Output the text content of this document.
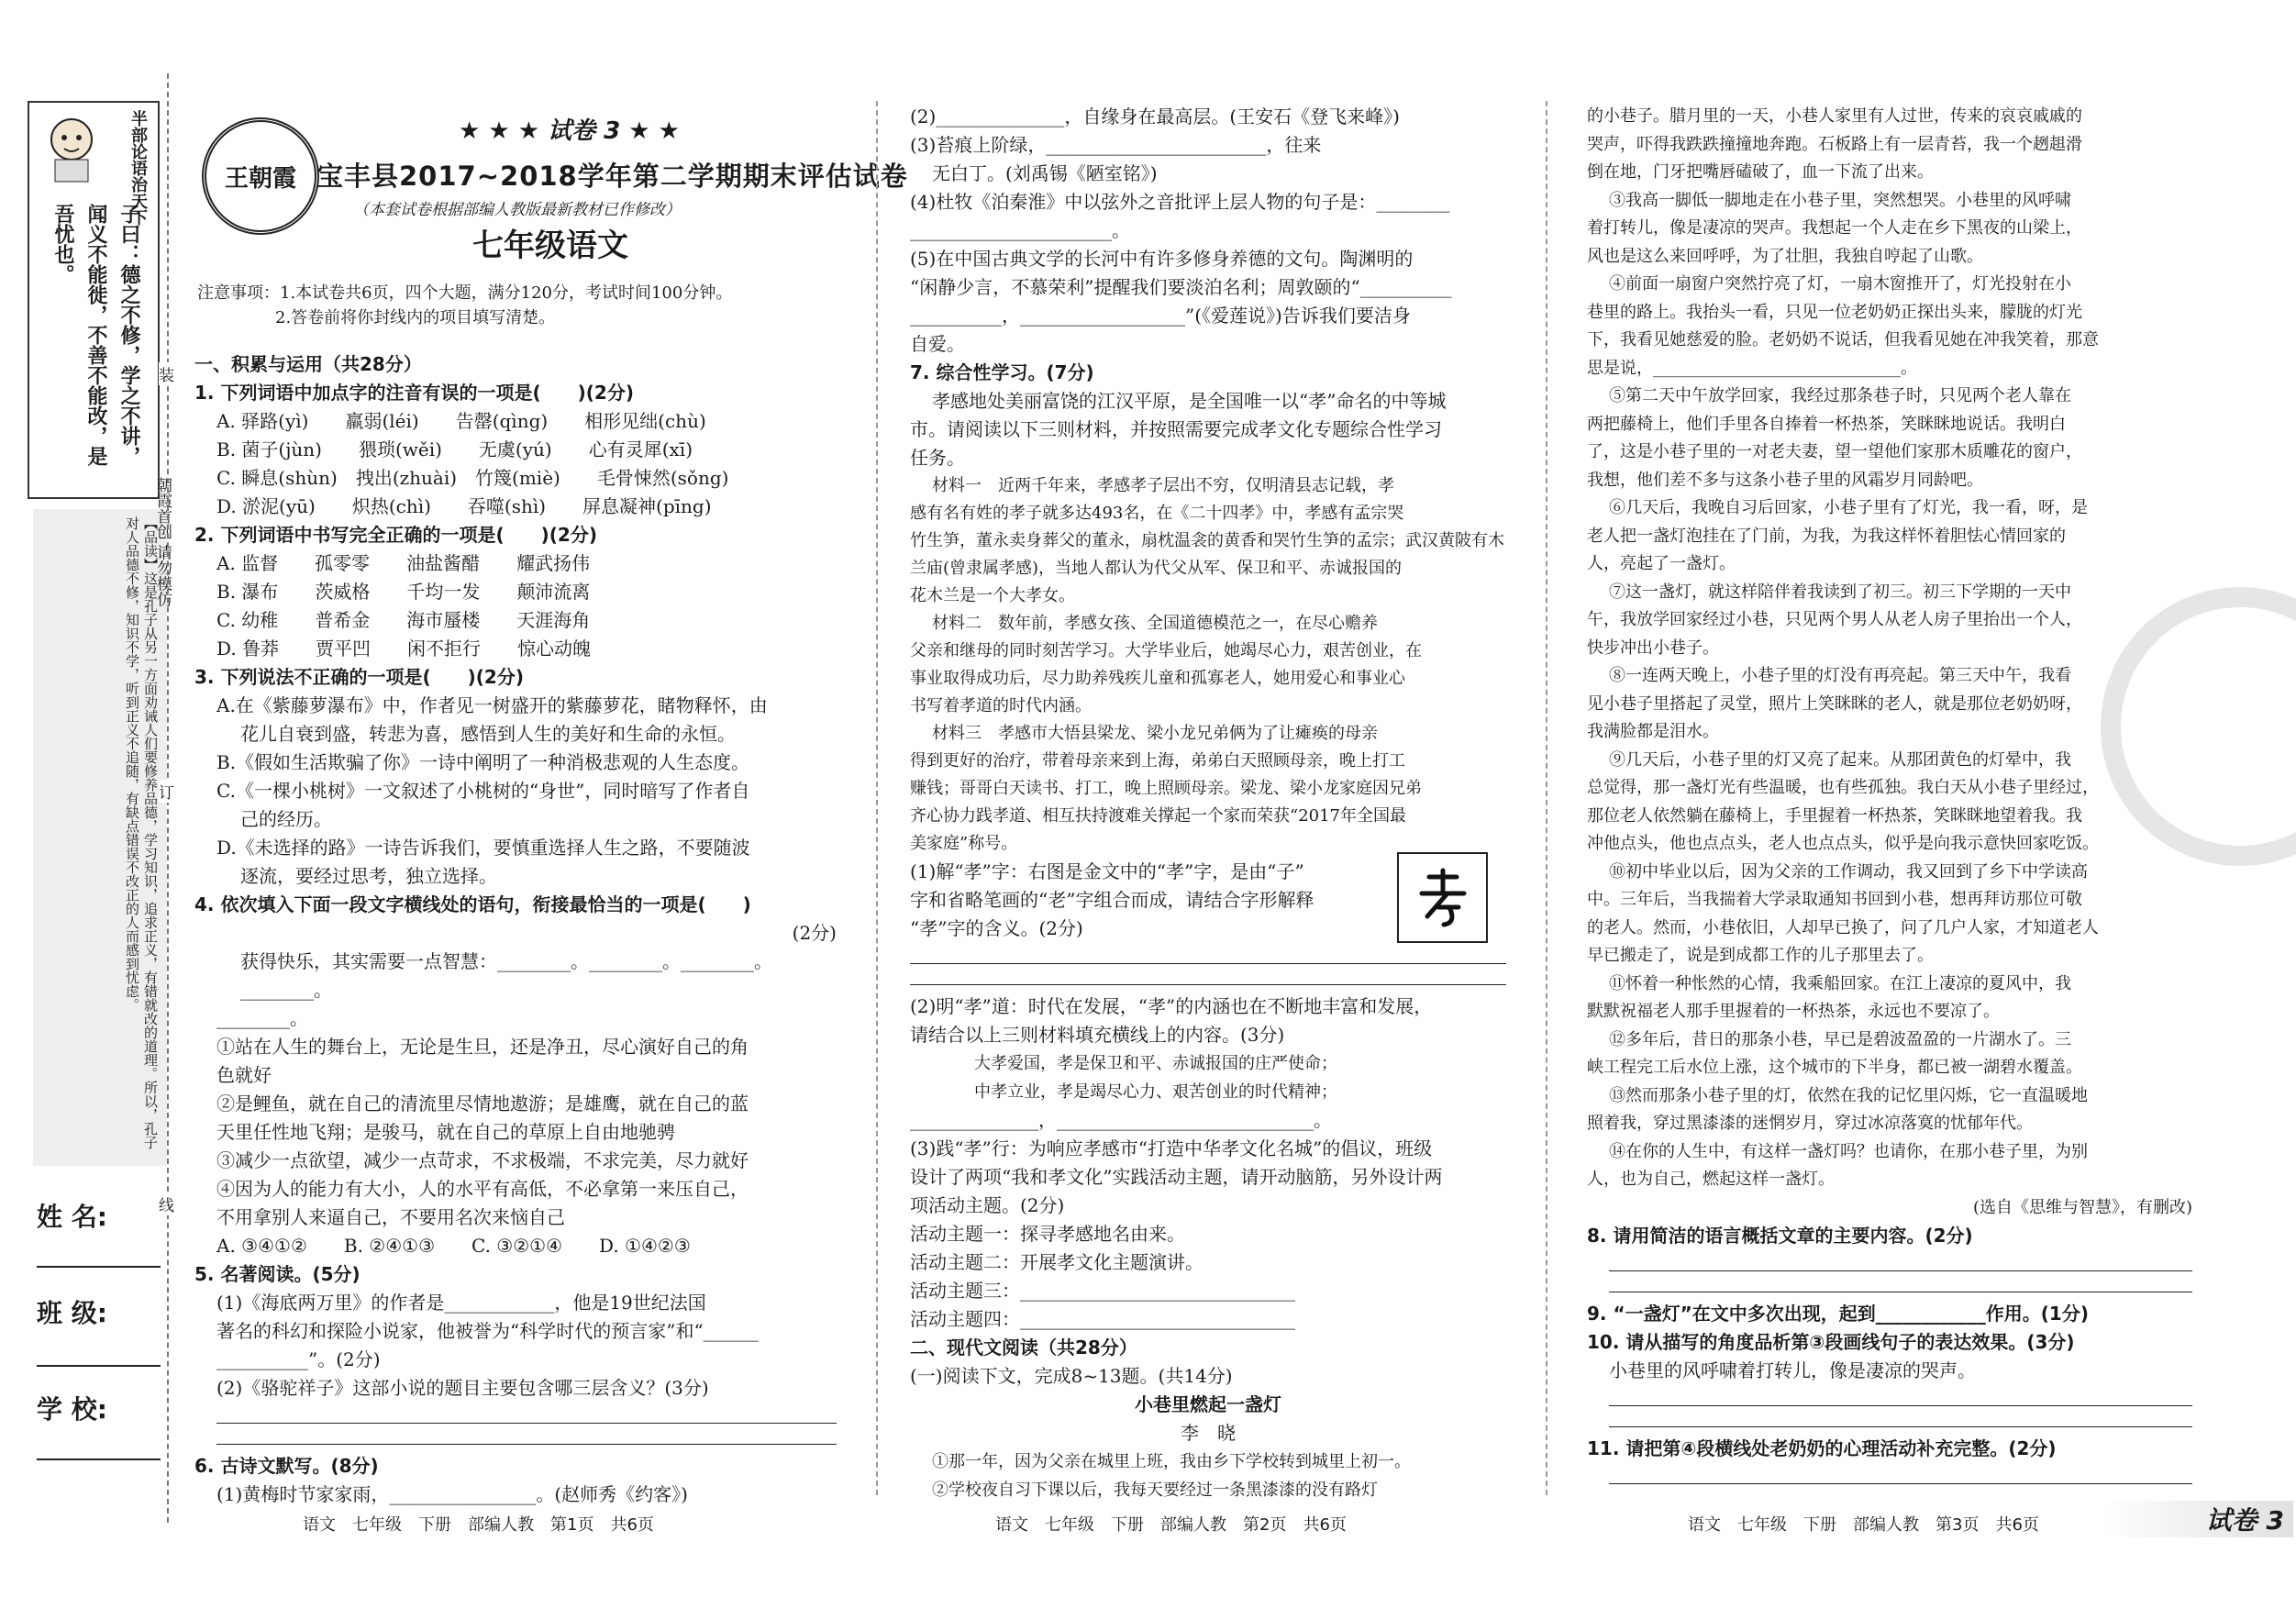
半部论语治天下
子曰：德之不修，学之不讲，闻义不能徙，不善不能改，是吾忧也。
【品读】这是孔子从另一方面劝诫人们要修养品德，学习知识，追求正义，有错就改的道理。所以，孔子对人品德不修，知识不学，听到正义不追随，有缺点错误不改正的人而感到忧虑。 朝霞首创 请勿模仿
装
订
线
姓 名:
班 级:
学 校:
王朝霞
★ ★ ★ 试卷 3 ★ ★
宝丰县2017~2018学年第二学期期末评估试卷
（本套试卷根据部编人教版最新教材已作修改）
七年级语文
注意事项：1.本试卷共6页，四个大题，满分120分，考试时间100分钟。
2.答卷前将你封线内的项目填写清楚。

一、积累与运用（共28分）

1. 下列词语中加点字的注音有误的一项是(　　)(2分)

A. 驿路(yì)　　羸弱(léi)　　告罄(qìng)　　相形见绌(chù)

B. 菌子(jùn)　　猥琐(wěi)　　无虞(yú)　　心有灵犀(xī)

C. 瞬息(shùn)　拽出(zhuài)　竹篾(miè)　　毛骨悚然(sǒng)

D. 淤泥(yū)　　炽热(chì)　　吞噬(shì)　　屏息凝神(pīng)

2. 下列词语中书写完全正确的一项是(　　)(2分)

A. 监督　　孤零零　　油盐酱醋　　耀武扬伟

B. 瀑布　　茨威格　　千均一发　　颠沛流离

C. 幼稚　　普希金　　海市蜃楼　　天涯海角

D. 鲁莽　　贾平凹　　闲不拒行　　惊心动魄

3. 下列说法不正确的一项是(　　)(2分)

A.在《紫藤萝瀑布》中，作者见一树盛开的紫藤萝花，睹物释怀，由

花儿自衰到盛，转悲为喜，感悟到人生的美好和生命的永恒。

B.《假如生活欺骗了你》一诗中阐明了一种消极悲观的人生态度。

C.《一棵小桃树》一文叙述了小桃树的“身世”，同时暗写了作者自

己的经历。

D.《未选择的路》一诗告诉我们，要慎重选择人生之路，不要随波

逐流，要经过思考，独立选择。

4. 依次填入下面一段文字横线处的语句，衔接最恰当的一项是(　　)

(2分)

获得快乐，其实需要一点智慧：________。________。________。________。

________。

①站在人生的舞台上，无论是生旦，还是净丑，尽心演好自己的角

色就好

②是鲤鱼，就在自己的清流里尽情地遨游；是雄鹰，就在自己的蓝

天里任性地飞翔；是骏马，就在自己的草原上自由地驰骋

③减少一点欲望，减少一点苛求，不求极端，不求完美，尽力就好

④因为人的能力有大小，人的水平有高低，不必拿第一来压自己，

不用拿别人来逼自己，不要用名次来恼自己

A. ③④①②　　B. ②④①③　　C. ③②①④　　D. ①④②③

5. 名著阅读。(5分)

(1)《海底两万里》的作者是____________，他是19世纪法国

著名的科幻和探险小说家，他被誉为“科学时代的预言家”和“______

__________”。(2分)

(2)《骆驼祥子》这部小说的题目主要包含哪三层含义？(3分)

6. 古诗文默写。(8分)

(1)黄梅时节家家雨，________________。(赵师秀《约客》)

(2)______________，自缘身在最高层。(王安石《登飞来峰》)

(3)苔痕上阶绿，________________________，往来

无白丁。(刘禹锡《陋室铭》)

(4)杜牧《泊秦淮》中以弦外之音批评上层人物的句子是：________

______________________。

(5)在中国古典文学的长河中有许多修身养德的文句。陶渊明的

“闲静少言，不慕荣利”提醒我们要淡泊名利；周敦颐的“__________

__________，__________________”(《爱莲说》)告诉我们要洁身

自爱。

7. 综合性学习。(7分)

孝感地处美丽富饶的江汉平原，是全国唯一以“孝”命名的中等城

市。请阅读以下三则材料，并按照需要完成孝文化专题综合性学习

任务。

材料一　近两千年来，孝感孝子层出不穷，仅明清县志记载，孝

感有名有姓的孝子就多达493名，在《二十四孝》中，孝感有孟宗哭

竹生笋，董永卖身葬父的董永，扇枕温衾的黄香和哭竹生笋的孟宗；武汉黄陂有木

兰庙(曾隶属孝感)，当地人都认为代父从军、保卫和平、赤诚报国的

花木兰是一个大孝女。

材料二　数年前，孝感女孩、全国道德模范之一，在尽心赡养

父亲和继母的同时刻苦学习。大学毕业后，她竭尽心力，艰苦创业，在

事业取得成功后，尽力助养残疾儿童和孤寡老人，她用爱心和事业心

书写着孝道的时代内涵。

材料三　孝感市大悟县梁龙、梁小龙兄弟俩为了让瘫痪的母亲

得到更好的治疗，带着母亲来到上海，弟弟白天照顾母亲，晚上打工

赚钱；哥哥白天读书、打工，晚上照顾母亲。梁龙、梁小龙家庭因兄弟

齐心协力践孝道、相互扶持渡难关撑起一个家而荣获“2017年全国最

美家庭”称号。

(1)解“孝”字：右图是金文中的“孝”字，是由“子”

字和省略笔画的“老”字组合而成，请结合字形解释

“孝”字的含义。(2分)

(2)明“孝”道：时代在发展，“孝”的内涵也在不断地丰富和发展，

请结合以上三则材料填充横线上的内容。(3分)

大孝爱国，孝是保卫和平、赤诚报国的庄严使命；

中孝立业，孝是竭尽心力、艰苦创业的时代精神；

______________，____________________________。

(3)践“孝”行：为响应孝感市“打造中华孝文化名城”的倡议，班级

设计了两项“我和孝文化”实践活动主题，请开动脑筋，另外设计两

项活动主题。(2分)

活动主题一：探寻孝感地名由来。

活动主题二：开展孝文化主题演讲。

活动主题三：______________________________

活动主题四：______________________________

二、现代文阅读（共28分）

(一)阅读下文，完成8~13题。(共14分)

小巷里燃起一盏灯

李　晓

①那一年，因为父亲在城里上班，我由乡下学校转到城里上初一。

②学校夜自习下课以后，我每天要经过一条黑漆漆的没有路灯

的小巷子。腊月里的一天，小巷人家里有人过世，传来的哀哀戚戚的

哭声，吓得我跌跌撞撞地奔跑。石板路上有一层青苔，我一个趔趄滑

倒在地，门牙把嘴唇磕破了，血一下流了出来。

③我高一脚低一脚地走在小巷子里，突然想哭。小巷里的风呼啸

着打转儿，像是凄凉的哭声。我想起一个人走在乡下黑夜的山梁上，

风也是这么来回呼呼，为了壮胆，我独自哼起了山歌。

④前面一扇窗户突然拧亮了灯，一扇木窗推开了，灯光投射在小

巷里的路上。我抬头一看，只见一位老奶奶正探出头来，朦胧的灯光

下，我看见她慈爱的脸。老奶奶不说话，但我看见她在冲我笑着，那意

思是说，______________________________。

⑤第二天中午放学回家，我经过那条巷子时，只见两个老人靠在

两把藤椅上，他们手里各自捧着一杯热茶，笑眯眯地说话。我明白

了，这是小巷子里的一对老夫妻，望一望他们家那木质雕花的窗户，

我想，他们差不多与这条小巷子里的风霜岁月同龄吧。

⑥几天后，我晚自习后回家，小巷子里有了灯光，我一看，呀，是

老人把一盏灯泡挂在了门前，为我，为我这样怀着胆怯心情回家的

人，亮起了一盏灯。

⑦这一盏灯，就这样陪伴着我读到了初三。初三下学期的一天中

午，我放学回家经过小巷，只见两个男人从老人房子里抬出一个人，

快步冲出小巷子。

⑧一连两天晚上，小巷子里的灯没有再亮起。第三天中午，我看

见小巷子里搭起了灵堂，照片上笑眯眯的老人，就是那位老奶奶呀，

我满脸都是泪水。

⑨几天后，小巷子里的灯又亮了起来。从那团黄色的灯晕中，我

总觉得，那一盏灯光有些温暖，也有些孤独。我白天从小巷子里经过，

那位老人依然躺在藤椅上，手里握着一杯热茶，笑眯眯地望着我。我

冲他点头，他也点点头，老人也点点头，似乎是向我示意快回家吃饭。

⑩初中毕业以后，因为父亲的工作调动，我又回到了乡下中学读高

中。三年后，当我揣着大学录取通知书回到小巷，想再拜访那位可敬

的老人。然而，小巷依旧，人却早已换了，问了几户人家，才知道老人

早已搬走了，说是到成都工作的儿子那里去了。

⑪怀着一种怅然的心情，我乘船回家。在江上凄凉的夏风中，我

默默祝福老人那手里握着的一杯热茶，永远也不要凉了。

⑫多年后，昔日的那条小巷，早已是碧波盈盈的一片湖水了。三

峡工程完工后水位上涨，这个城市的下半身，都已被一湖碧水覆盖。

⑬然而那条小巷子里的灯，依然在我的记忆里闪烁，它一直温暖地

照着我，穿过黑漆漆的迷惘岁月，穿过冰凉落寞的忧郁年代。

⑭在你的人生中，有这样一盏灯吗？也请你，在那小巷子里，为别

人，也为自己，燃起这样一盏灯。

(选自《思维与智慧》，有删改)

8. 请用简洁的语言概括文章的主要内容。(2分)

9. “一盏灯”在文中多次出现，起到____________作用。(1分)

10. 请从描写的角度品析第③段画线句子的表达效果。(3分)

小巷里的风呼啸着打转儿，像是凄凉的哭声。

11. 请把第④段横线处老奶奶的心理活动补充完整。(2分)

语文　七年级　下册　部编人教　第1页　共6页	语文　七年级　下册　部编人教　第2页　共6页	语文　七年级　下册　部编人教　第3页　共6页	试卷 3
